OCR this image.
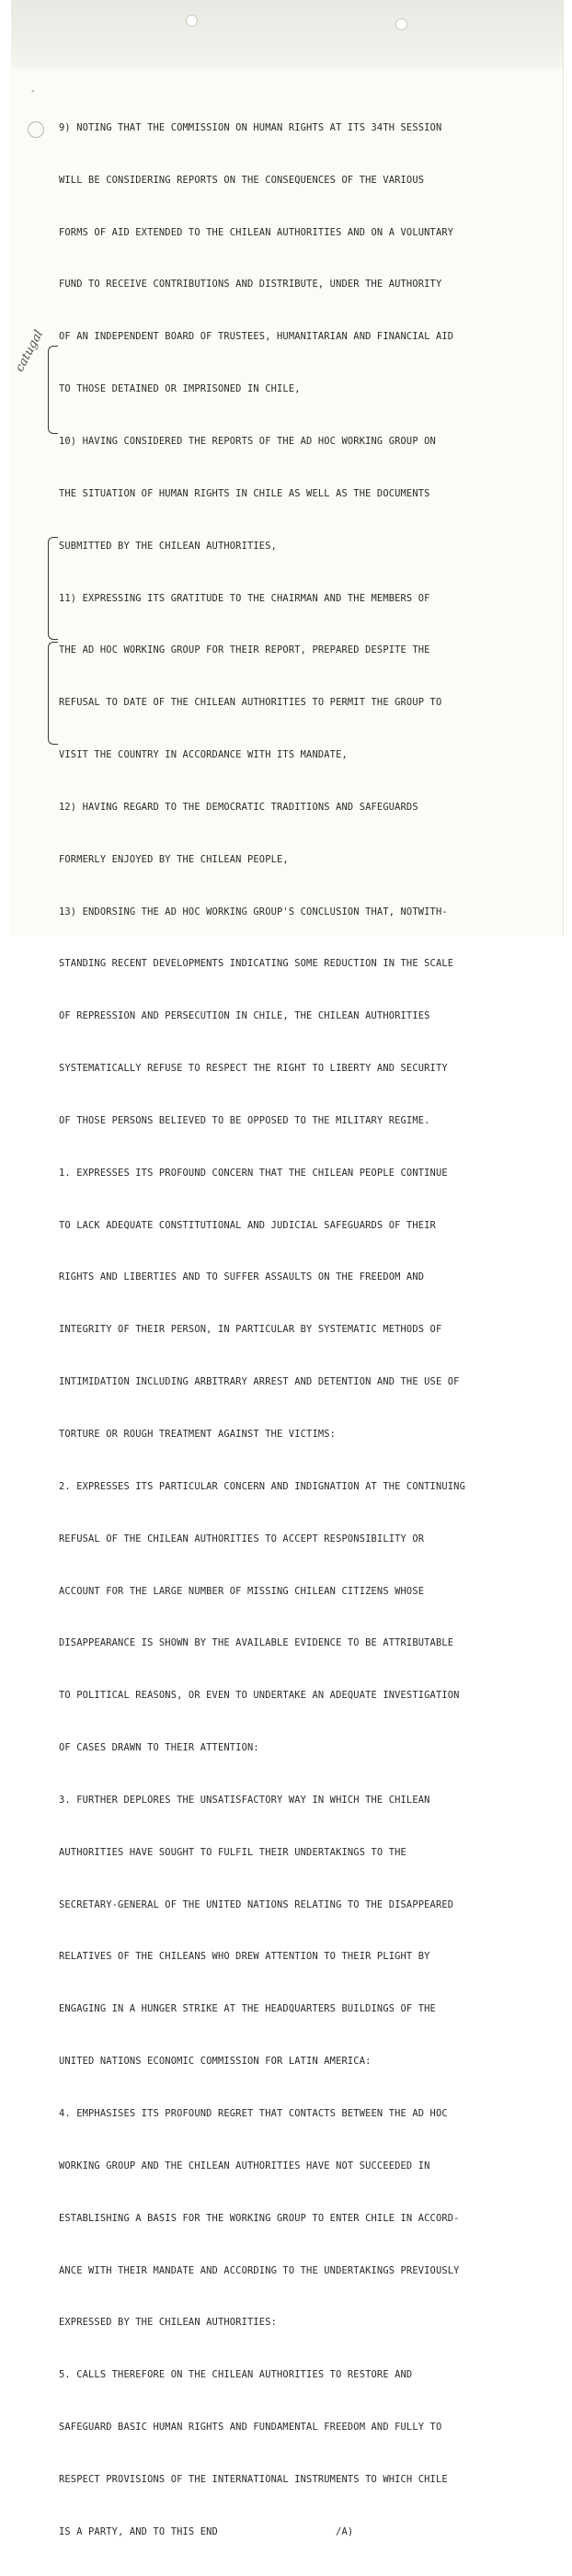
-
catugal

9) NOTING THAT THE COMMISSION ON HUMAN RIGHTS AT ITS 34TH SESSION

WILL BE CONSIDERING REPORTS ON THE CONSEQUENCES OF THE VARIOUS

FORMS OF AID EXTENDED TO THE CHILEAN AUTHORITIES AND ON A VOLUNTARY

FUND TO RECEIVE CONTRIBUTIONS AND DISTRIBUTE, UNDER THE AUTHORITY

OF AN INDEPENDENT BOARD OF TRUSTEES, HUMANITARIAN AND FINANCIAL AID

TO THOSE DETAINED OR IMPRISONED IN CHILE,

10) HAVING CONSIDERED THE REPORTS OF THE AD HOC WORKING GROUP ON

THE SITUATION OF HUMAN RIGHTS IN CHILE AS WELL AS THE DOCUMENTS

SUBMITTED BY THE CHILEAN AUTHORITIES,

11) EXPRESSING ITS GRATITUDE TO THE CHAIRMAN AND THE MEMBERS OF

THE AD HOC WORKING GROUP FOR THEIR REPORT, PREPARED DESPITE THE

REFUSAL TO DATE OF THE CHILEAN AUTHORITIES TO PERMIT THE GROUP TO

VISIT THE COUNTRY IN ACCORDANCE WITH ITS MANDATE,

12) HAVING REGARD TO THE DEMOCRATIC TRADITIONS AND SAFEGUARDS

FORMERLY ENJOYED BY THE CHILEAN PEOPLE,

13) ENDORSING THE AD HOC WORKING GROUP'S CONCLUSION THAT, NOTWITH-

STANDING RECENT DEVELOPMENTS INDICATING SOME REDUCTION IN THE SCALE

OF REPRESSION AND PERSECUTION IN CHILE, THE CHILEAN AUTHORITIES

SYSTEMATICALLY REFUSE TO RESPECT THE RIGHT TO LIBERTY AND SECURITY

OF THOSE PERSONS BELIEVED TO BE OPPOSED TO THE MILITARY REGIME.

1. EXPRESSES ITS PROFOUND CONCERN THAT THE CHILEAN PEOPLE CONTINUE

TO LACK ADEQUATE CONSTITUTIONAL AND JUDICIAL SAFEGUARDS OF THEIR

RIGHTS AND LIBERTIES AND TO SUFFER ASSAULTS ON THE FREEDOM AND

INTEGRITY OF THEIR PERSON, IN PARTICULAR BY SYSTEMATIC METHODS OF

INTIMIDATION INCLUDING ARBITRARY ARREST AND DETENTION AND THE USE OF

TORTURE OR ROUGH TREATMENT AGAINST THE VICTIMS:

2. EXPRESSES ITS PARTICULAR CONCERN AND INDIGNATION AT THE CONTINUING

REFUSAL OF THE CHILEAN AUTHORITIES TO ACCEPT RESPONSIBILITY OR

ACCOUNT FOR THE LARGE NUMBER OF MISSING CHILEAN CITIZENS WHOSE

DISAPPEARANCE IS SHOWN BY THE AVAILABLE EVIDENCE TO BE ATTRIBUTABLE

TO POLITICAL REASONS, OR EVEN TO UNDERTAKE AN ADEQUATE INVESTIGATION

OF CASES DRAWN TO THEIR ATTENTION:

3. FURTHER DEPLORES THE UNSATISFACTORY WAY IN WHICH THE CHILEAN

AUTHORITIES HAVE SOUGHT TO FULFIL THEIR UNDERTAKINGS TO THE

SECRETARY-GENERAL OF THE UNITED NATIONS RELATING TO THE DISAPPEARED

RELATIVES OF THE CHILEANS WHO DREW ATTENTION TO THEIR PLIGHT BY

ENGAGING IN A HUNGER STRIKE AT THE HEADQUARTERS BUILDINGS OF THE

UNITED NATIONS ECONOMIC COMMISSION FOR LATIN AMERICA:

4. EMPHASISES ITS PROFOUND REGRET THAT CONTACTS BETWEEN THE AD HOC

WORKING GROUP AND THE CHILEAN AUTHORITIES HAVE NOT SUCCEEDED IN

ESTABLISHING A BASIS FOR THE WORKING GROUP TO ENTER CHILE IN ACCORD-

ANCE WITH THEIR MANDATE AND ACCORDING TO THE UNDERTAKINGS PREVIOUSLY

EXPRESSED BY THE CHILEAN AUTHORITIES:

5. CALLS THEREFORE ON THE CHILEAN AUTHORITIES TO RESTORE AND

SAFEGUARD BASIC HUMAN RIGHTS AND FUNDAMENTAL FREEDOM AND FULLY TO

RESPECT PROVISIONS OF THE INTERNATIONAL INSTRUMENTS TO WHICH CHILE

IS A PARTY, AND TO THIS END                    /A)
